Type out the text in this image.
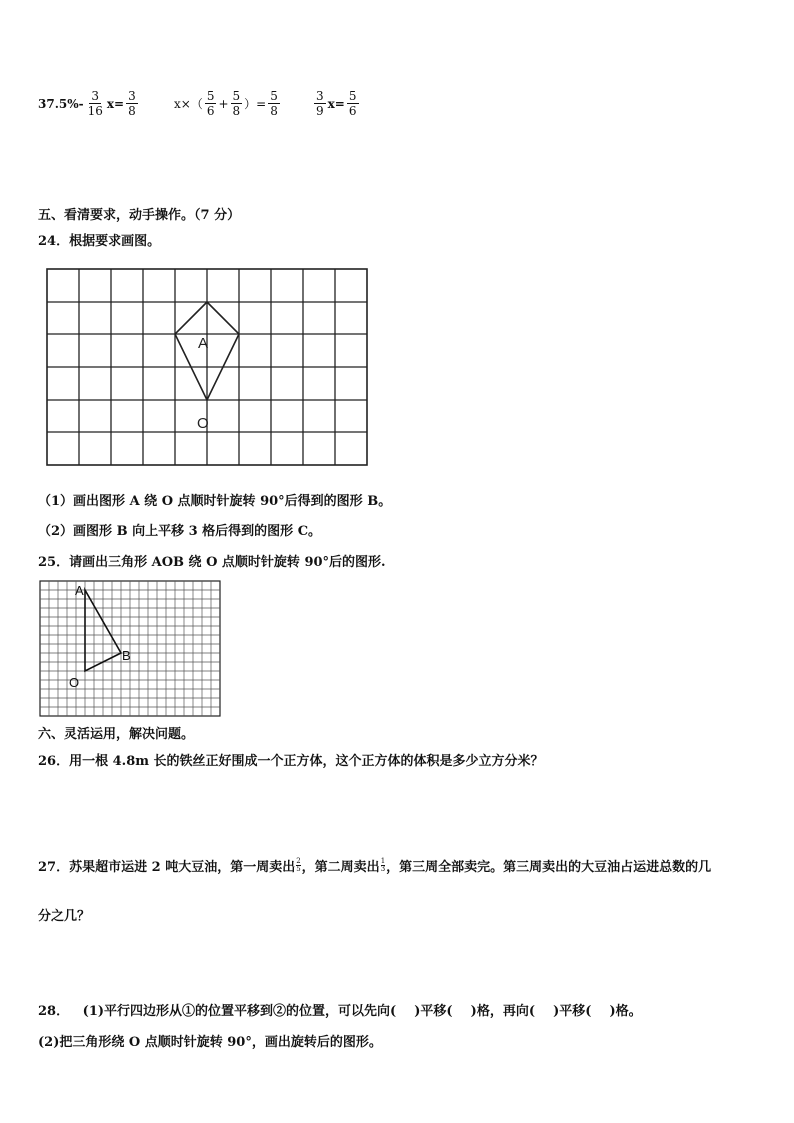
$37.5\%- \frac{3}{16} x= \frac{3}{8}$	$x\times( \frac{5}{6} + \frac{5}{8}$ ）= $\frac{5}{8}$	$\frac{3}{9} x= \frac{5}{6}$
五、看清要求，动手操作。（7 分）
24．根据要求画图。
A
O
（1）画出图形 A 绕 O 点顺时针旋转 90°后得到的图形 B。
（2）画图形 B 向上平移 3 格后得到的图形 C。
25．请画出三角形 AOB 绕 O 点顺时针旋转 90°后的图形.
A
B
O
六、灵活运用，解决问题。
26．用一根 4.8m 长的铁丝正好围成一个正方体，这个正方体的体积是多少立方分米？
27．苏果超市运进 2 吨大豆油，第一周卖出 $\frac{2}{5}$ ，第二周卖出 $\frac{1}{3}$ ，第三周全部卖完。第三周卖出的大豆油占运进总数的几
分之几？
28．   (1)平行四边形从①的位置平移到②的位置，可以先向(    )平移(    )格，再向(    )平移(    )格。
(2)把三角形绕 O 点顺时针旋转 90°，画出旋转后的图形。
